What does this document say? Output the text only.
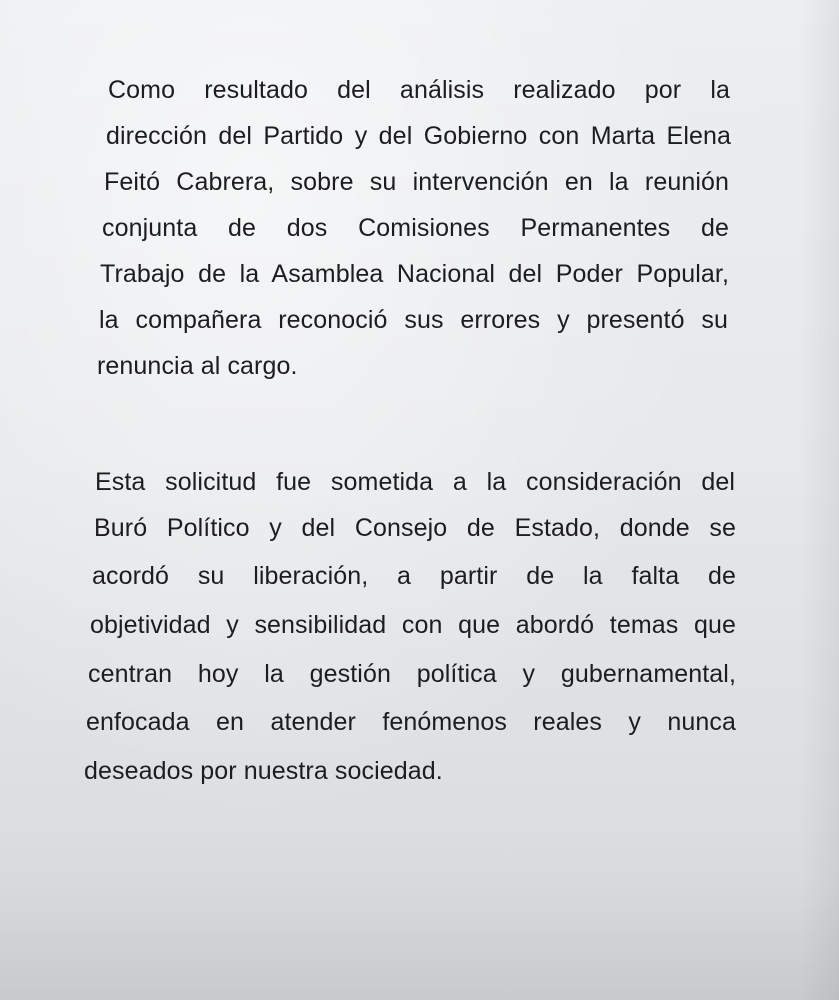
Como resultado del análisis realizado por la

dirección del Partido y del Gobierno con Marta Elena

Feitó Cabrera, sobre su intervención en la reunión

conjunta de dos Comisiones Permanentes de

Trabajo de la Asamblea Nacional del Poder Popular,

la compañera reconoció sus errores y presentó su

renuncia al cargo.

Esta solicitud fue sometida a la consideración del

Buró Político y del Consejo de Estado, donde se

acordó su liberación, a partir de la falta de

objetividad y sensibilidad con que abordó temas que

centran hoy la gestión política y gubernamental,

enfocada en atender fenómenos reales y nunca

deseados por nuestra sociedad.
